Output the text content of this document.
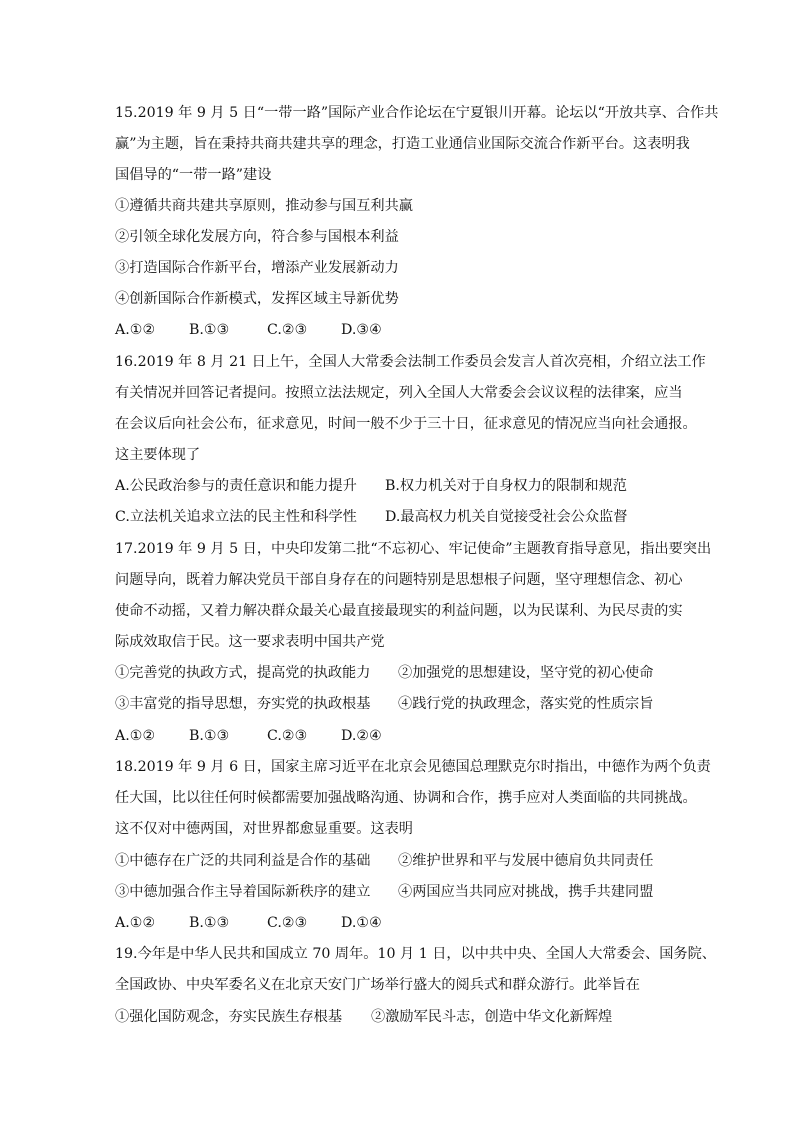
15.2019 年 9 月 5 日“一带一路”国际产业合作论坛在宁夏银川开幕。论坛以“开放共享、合作共
赢”为主题，旨在秉持共商共建共享的理念，打造工业通信业国际交流合作新平台。这表明我
国倡导的“一带一路”建设
①遵循共商共建共享原则，推动参与国互利共赢
②引领全球化发展方向，符合参与国根本利益
③打造国际合作新平台，增添产业发展新动力
④创新国际合作新模式，发挥区域主导新优势
A.①② B.①③	C.②③ D.③④
16.2019 年 8 月 21 日上午，全国人大常委会法制工作委员会发言人首次亮相，介绍立法工作
有关情况并回答记者提问。按照立法法规定，列入全国人大常委会会议议程的法律案，应当
在会议后向社会公布，征求意见，时间一般不少于三十日，征求意见的情况应当向社会通报。
这主要体现了
A.公民政治参与的责任意识和能力提升 B.权力机关对于自身权力的限制和规范
C.立法机关追求立法的民主性和科学性 D.最高权力机关自觉接受社会公众监督
17.2019 年 9 月 5 日，中央印发第二批“不忘初心、牢记使命”主题教育指导意见，指出要突出
问题导向，既着力解决党员干部自身存在的问题特别是思想根子问题，坚守理想信念、初心
使命不动摇，又着力解决群众最关心最直接最现实的利益问题，以为民谋利、为民尽责的实
际成效取信于民。这一要求表明中国共产党
①完善党的执政方式，提高党的执政能力 ②加强党的思想建设，坚守党的初心使命
③丰富党的指导思想，夯实党的执政根基 ④践行党的执政理念，落实党的性质宗旨
A.①② B.①③	C.②③ D.②④
18.2019 年 9 月 6 日，国家主席习近平在北京会见德国总理默克尔时指出，中德作为两个负责
任大国，比以往任何时候都需要加强战略沟通、协调和合作，携手应对人类面临的共同挑战。
这不仅对中德两国，对世界都愈显重要。这表明
①中德存在广泛的共同利益是合作的基础 ②维护世界和平与发展中德肩负共同责任
③中德加强合作主导着国际新秩序的建立 ④两国应当共同应对挑战，携手共建同盟
A.①② B.①③	C.②③ D.①④
19.今年是中华人民共和国成立 70 周年。10 月 1 日，以中共中央、全国人大常委会、国务院、
全国政协、中央军委名义在北京天安门广场举行盛大的阅兵式和群众游行。此举旨在
①强化国防观念，夯实民族生存根基 ②激励军民斗志，创造中华文化新辉煌
